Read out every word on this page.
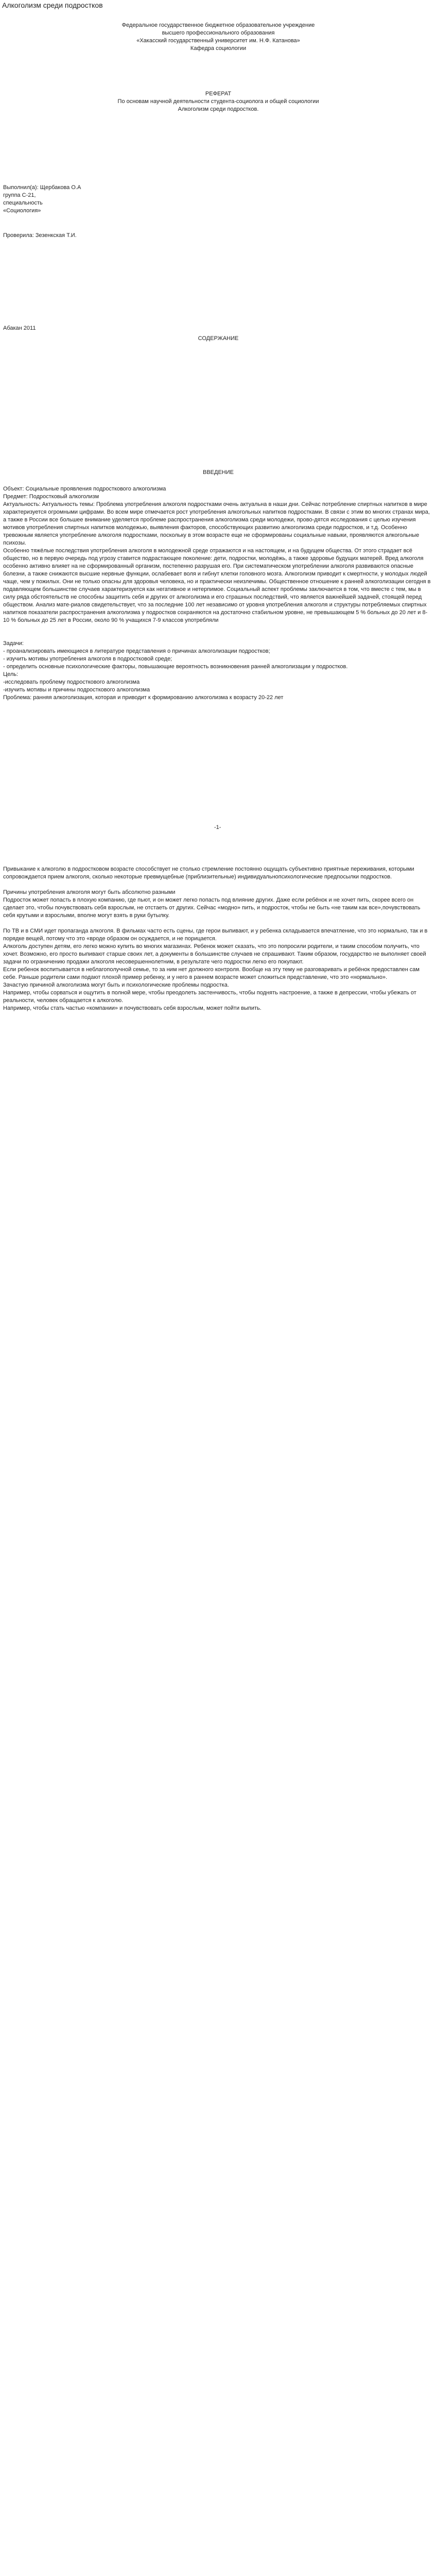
Алкоголизм среди подростков

Федеральное государственное бюджетное образовательное учреждение

высшего профессионального образования

«Хакасский государственный университет им. Н.Ф. Катанова»

Кафедра социологии

РЕФЕРАТ

По основам научной деятельности студента-социолога и общей социологии

Алкоголизм среди подростков.

Выполнил(а): Щербакова О.А

группа С-21,

специальность

«Социология»

Проверила: Зезенкская Т.И.

Абакан 2011

СОДЕРЖАНИЕ

ВВЕДЕНИЕ

Объект: Социальные проявления подросткового алкоголизма

Предмет: Подростковый алкоголизм

Актуальность: Актуальность темы: Проблема употребления алкоголя подростками очень актуальна в наши дни. Сейчас потребление спиртных напитков в мире характеризуется огромными цифрами. Во всем мире отмечается рост употребления алкогольных напитков подростками. В связи с этим во многих странах мира, а также в России все большее внимание уделяется проблеме распространения алкоголизма среди молодежи, прово-дятся исследования с целью изучения мотивов употребления спиртных напитков молодежью, выявления факторов, способствующих развитию алкоголизма среди подростков, и т.д. Особенно тревожным является употребление алкоголя подростками, поскольку в этом возрасте еще не сформированы социальные навыки, проявляются алкогольные психозы.

Особенно тяжёлые последствия употребления алкоголя в молодежной среде отражаются и на настоящем, и на будущем общества. От этого страдает всё общество, но в первую очередь под угрозу ставится подрастающее поколение: дети, подростки, молодёжь, а также здоровье будущих матерей. Вред алкоголя особенно активно влияет на не сформированный организм, постепенно разрушая его. При систематическом употреблении алкоголя развиваются опасные болезни, а также снижаются высшие нервные функции, ослабевает воля и гибнут клетки головного мозга. Алкоголизм приводит к смертности, у молодых людей чаще, чем у пожилых. Они не только опасны для здоровья человека, но и практически неизлечимы. Общественное отношение к ранней алкоголизации сегодня в подавляющем большинстве случаев характеризуется как негативное и нетерпимое. Социальный аспект проблемы заключается в том, что вместе с тем, мы в силу ряда обстоятельств не способны защитить себя и других от алкоголизма и его страшных последствий, что является важнейшей задачей, стоящей перед обществом. Анализ мате-риалов свидетельствует, что за последние 100 лет независимо от уровня употребления алкоголя и структуры потребляемых спиртных напитков показатели распространения алкоголизма у подростков сохраняются на достаточно стабильном уровне, не превышающем 5 % больных до 20 лет и 8-10 % больных до 25 лет в России, около 90 % учащихся 7-9 классов употребляли

Задачи:

- проанализировать имеющиеся в литературе представления о причинах алкоголизации подростков;

- изучить мотивы употребления алкоголя в подростковой среде;

- определить основные психологические факторы, повышающие вероятность возникновения ранней алкоголизации у подростков.

Цель:

-исследовать проблему подросткового алкоголизма

-изучить мотивы и причины подросткового алкоголизма

Проблема: ранняя алкоголизация, которая и приводит к формированию алкоголизма к возрасту 20-22 лет

-1-

Привыкание к алкоголю в подростковом возрасте способствует не столько стремление постоянно ощущать субъективно приятные переживания, которыми сопровождается прием алкоголя, сколько некоторые превмущебные (приблизительные) индивидуальнопсихологические предпосылки подростков.

Причины употребления алкоголя могут быть абсолютно разными

Подросток может попасть в плохую компанию, где пьют, и он может легко попасть под влияние других. Даже если ребёнок и не хочет пить, скорее всего он сделает это, чтобы почувствовать себя взрослым, не отстаеть от других. Сейчас «модно» пить, и подросток, чтобы не быть «не таким как все»,почувствовать себя крутыми и взрослыми, вполне могут взять в руки бутылку.

По ТВ и в СМИ идет пропаганда алкоголя. В фильмах часто есть сцены, где герои выпивают, и у ребенка складывается впечатление, что это нормально, так и в порядке вещей, потому что это «вроде образом он осуждается, и не порицается.

Алкоголь доступен детям, его легко можно купить во многих магазинах. Ребенок может сказать, что это попросили родители, и таким способом получить, что хочет. Возможно, его просто выпивают старше своих лет, а документы в большинстве случаев не спрашивают. Таким образом, государство не выполняет своей задачи по ограничению продажи алкоголя несовершеннолетним, в результате чего подростки легко его покупают.

Если ребенок воспитывается в неблагополучной семье, то за ним нет должного контроля. Вообще на эту тему не разговаривать и ребёнок предоставлен сам себе. Раньше родители сами подают плохой пример ребенку, и у него в раннем возрасте может сложиться представление, что это «нормально».

Зачастую причиной алкоголизма могут быть и психологические проблемы подростка.

Например, чтобы сорваться и ощутить в полной мере, чтобы преодолеть застенчивость, чтобы поднять настроение, а также в депрессии, чтобы убежать от реальности, человек обращается к алкоголю.

Например, чтобы стать частью «компании» и почувствовать себя взрослым, может пойти выпить.
